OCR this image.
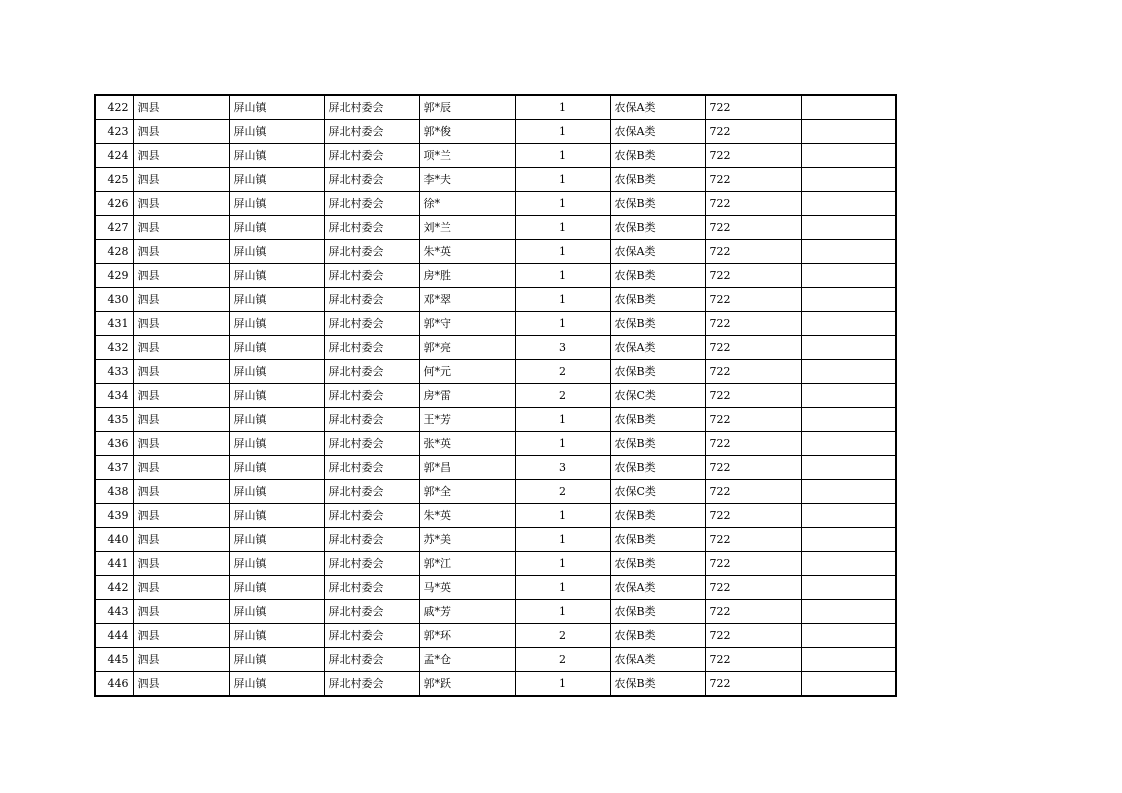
422	泗县	屏山镇	屏北村委会	郭*辰	1	农保A类	722	
423	泗县	屏山镇	屏北村委会	郭*俊	1	农保A类	722	
424	泗县	屏山镇	屏北村委会	项*兰	1	农保B类	722	
425	泗县	屏山镇	屏北村委会	李*夫	1	农保B类	722	
426	泗县	屏山镇	屏北村委会	徐*	1	农保B类	722	
427	泗县	屏山镇	屏北村委会	刘*兰	1	农保B类	722	
428	泗县	屏山镇	屏北村委会	朱*英	1	农保A类	722	
429	泗县	屏山镇	屏北村委会	房*胜	1	农保B类	722	
430	泗县	屏山镇	屏北村委会	邓*翠	1	农保B类	722	
431	泗县	屏山镇	屏北村委会	郭*守	1	农保B类	722	
432	泗县	屏山镇	屏北村委会	郭*亮	3	农保A类	722	
433	泗县	屏山镇	屏北村委会	何*元	2	农保B类	722	
434	泗县	屏山镇	屏北村委会	房*雷	2	农保C类	722	
435	泗县	屏山镇	屏北村委会	王*芳	1	农保B类	722	
436	泗县	屏山镇	屏北村委会	张*英	1	农保B类	722	
437	泗县	屏山镇	屏北村委会	郭*昌	3	农保B类	722	
438	泗县	屏山镇	屏北村委会	郭*全	2	农保C类	722	
439	泗县	屏山镇	屏北村委会	朱*英	1	农保B类	722	
440	泗县	屏山镇	屏北村委会	苏*美	1	农保B类	722	
441	泗县	屏山镇	屏北村委会	郭*江	1	农保B类	722	
442	泗县	屏山镇	屏北村委会	马*英	1	农保A类	722	
443	泗县	屏山镇	屏北村委会	戚*芳	1	农保B类	722	
444	泗县	屏山镇	屏北村委会	郭*环	2	农保B类	722	
445	泗县	屏山镇	屏北村委会	孟*仓	2	农保A类	722	
446	泗县	屏山镇	屏北村委会	郭*跃	1	农保B类	722	
